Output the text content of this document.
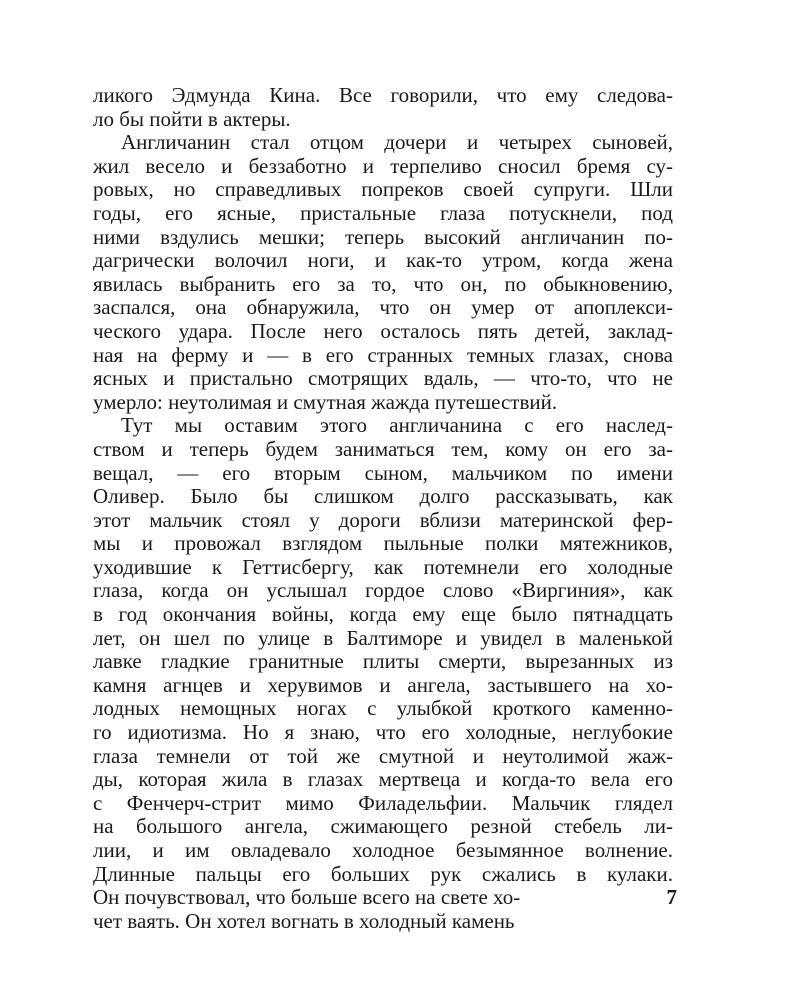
ликого Эдмунда Кина. Все говорили, что ему следова-
ло бы пойти в актеры.
Англичанин стал отцом дочери и четырех сыновей,
жил весело и беззаботно и терпеливо сносил бремя су-
ровых, но справедливых попреков своей супруги. Шли
годы, его ясные, пристальные глаза потускнели, под
ними вздулись мешки; теперь высокий англичанин по-
дагрически волочил ноги, и как-то утром, когда жена
явилась выбранить его за то, что он, по обыкновению,
заспался, она обнаружила, что он умер от апоплекси-
ческого удара. После него осталось пять детей, заклад-
ная на ферму и — в его странных темных глазах, снова
ясных и пристально смотрящих вдаль, — что-то, что не
умерло: неутолимая и смутная жажда путешествий.
Тут мы оставим этого англичанина с его наслед-
ством и теперь будем заниматься тем, кому он его за-
вещал, — его вторым сыном, мальчиком по имени
Оливер. Было бы слишком долго рассказывать, как
этот мальчик стоял у дороги вблизи материнской фер-
мы и провожал взглядом пыльные полки мятежников,
уходившие к Геттисбергу, как потемнели его холодные
глаза, когда он услышал гордое слово «Виргиния», как
в год окончания войны, когда ему еще было пятнадцать
лет, он шел по улице в Балтиморе и увидел в маленькой
лавке гладкие гранитные плиты смерти, вырезанных из
камня агнцев и херувимов и ангела, застывшего на хо-
лодных немощных ногах с улыбкой кроткого каменно-
го идиотизма. Но я знаю, что его холодные, неглубокие
глаза темнели от той же смутной и неутолимой жаж-
ды, которая жила в глазах мертвеца и когда-то вела его
с Фенчерч-стрит мимо Филадельфии. Мальчик глядел
на большого ангела, сжимающего резной стебель ли-
лии, и им овладевало холодное безымянное волнение.
Длинные пальцы его больших рук сжались в кулаки.
Он почувствовал, что больше всего на свете хо-
чет ваять. Он хотел вогнать в холодный камень
7
